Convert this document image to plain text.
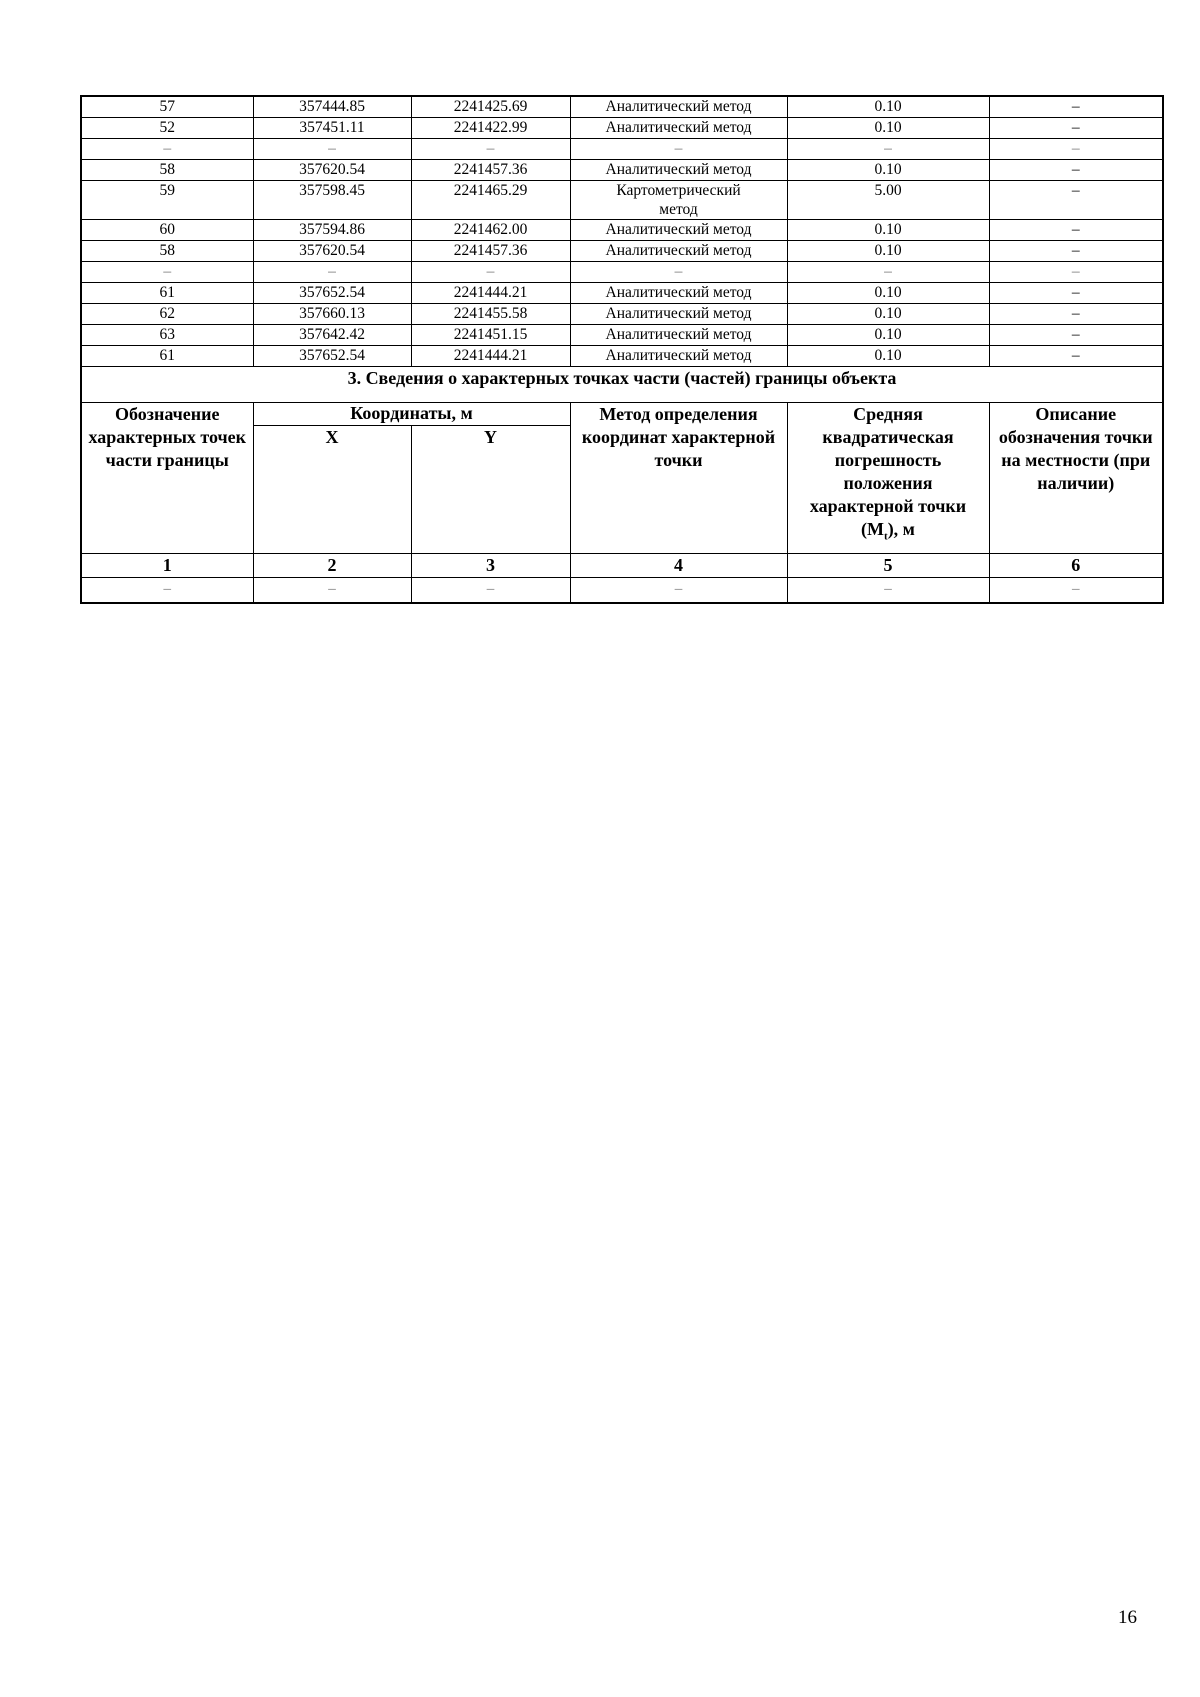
57	357444.85	2241425.69	Аналитический метод	0.10	–
52	357451.11	2241422.99	Аналитический метод	0.10	–
–	–	–	–	–	–
58	357620.54	2241457.36	Аналитический метод	0.10	–
59	357598.45	2241465.29	Картометрический метод	5.00	–
60	357594.86	2241462.00	Аналитический метод	0.10	–
58	357620.54	2241457.36	Аналитический метод	0.10	–
–	–	–	–	–	–
61	357652.54	2241444.21	Аналитический метод	0.10	–
62	357660.13	2241455.58	Аналитический метод	0.10	–
63	357642.42	2241451.15	Аналитический метод	0.10	–
61	357652.54	2241444.21	Аналитический метод	0.10	–
3. Сведения о характерных точках части (частей) границы объекта					
Обозначение характерных точек части границы	Координаты, м		Метод определения координат характерной точки	Средняя квадратическая погрешность положения характерной точки $(M_t)$, м	Описание обозначения точки на местности (при наличии)
	X	Y			
1	2	3	4	5	6
–	–	–	–	–	–
16
